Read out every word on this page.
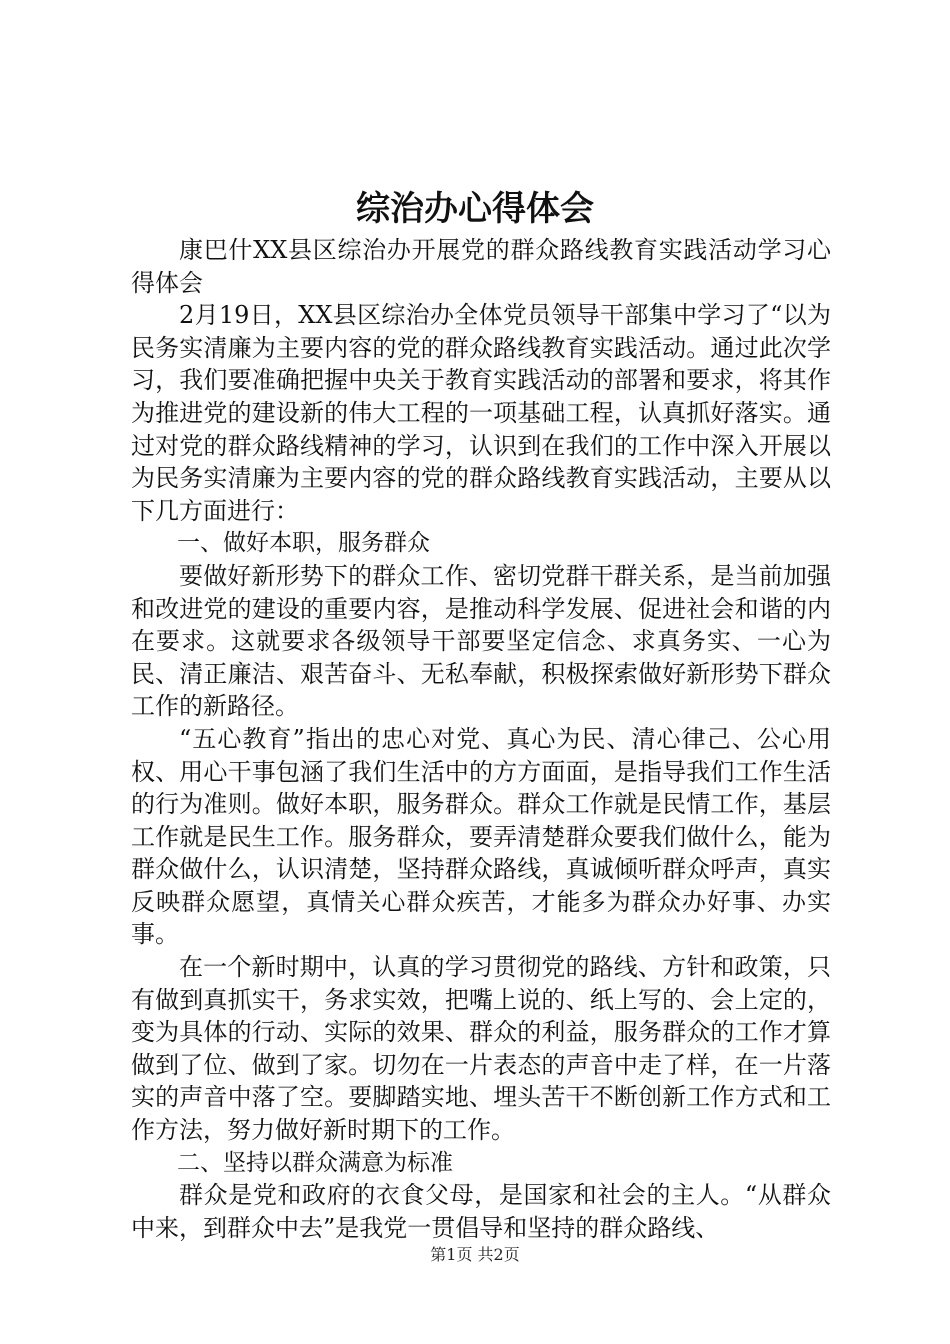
综治办心得体会

康巴什XX县区综治办开展党的群众路线教育实践活动学习心得体会

2月19日，XX县区综治办全体党员领导干部集中学习了“以为民务实清廉为主要内容的党的群众路线教育实践活动。通过此次学习，我们要准确把握中央关于教育实践活动的部署和要求，将其作为推进党的建设新的伟大工程的一项基础工程，认真抓好落实。通过对党的群众路线精神的学习，认识到在我们的工作中深入开展以为民务实清廉为主要内容的党的群众路线教育实践活动，主要从以下几方面进行：

一、做好本职，服务群众

要做好新形势下的群众工作、密切党群干群关系，是当前加强和改进党的建设的重要内容，是推动科学发展、促进社会和谐的内在要求。这就要求各级领导干部要坚定信念、求真务实、一心为民、清正廉洁、艰苦奋斗、无私奉献，积极探索做好新形势下群众工作的新路径。

“五心教育”指出的忠心对党、真心为民、清心律己、公心用权、用心干事包涵了我们生活中的方方面面，是指导我们工作生活的行为准则。做好本职，服务群众。群众工作就是民情工作，基层工作就是民生工作。服务群众，要弄清楚群众要我们做什么，能为群众做什么，认识清楚，坚持群众路线，真诚倾听群众呼声，真实反映群众愿望，真情关心群众疾苦，才能多为群众办好事、办实事。

在一个新时期中，认真的学习贯彻党的路线、方针和政策，只有做到真抓实干，务求实效，把嘴上说的、纸上写的、会上定的，变为具体的行动、实际的效果、群众的利益，服务群众的工作才算做到了位、做到了家。切勿在一片表态的声音中走了样，在一片落实的声音中落了空。要脚踏实地、埋头苦干不断创新工作方式和工作方法，努力做好新时期下的工作。

二、坚持以群众满意为标准

群众是党和政府的衣食父母，是国家和社会的主人。“从群众中来，到群众中去”是我党一贯倡导和坚持的群众路线、

第1页 共2页
